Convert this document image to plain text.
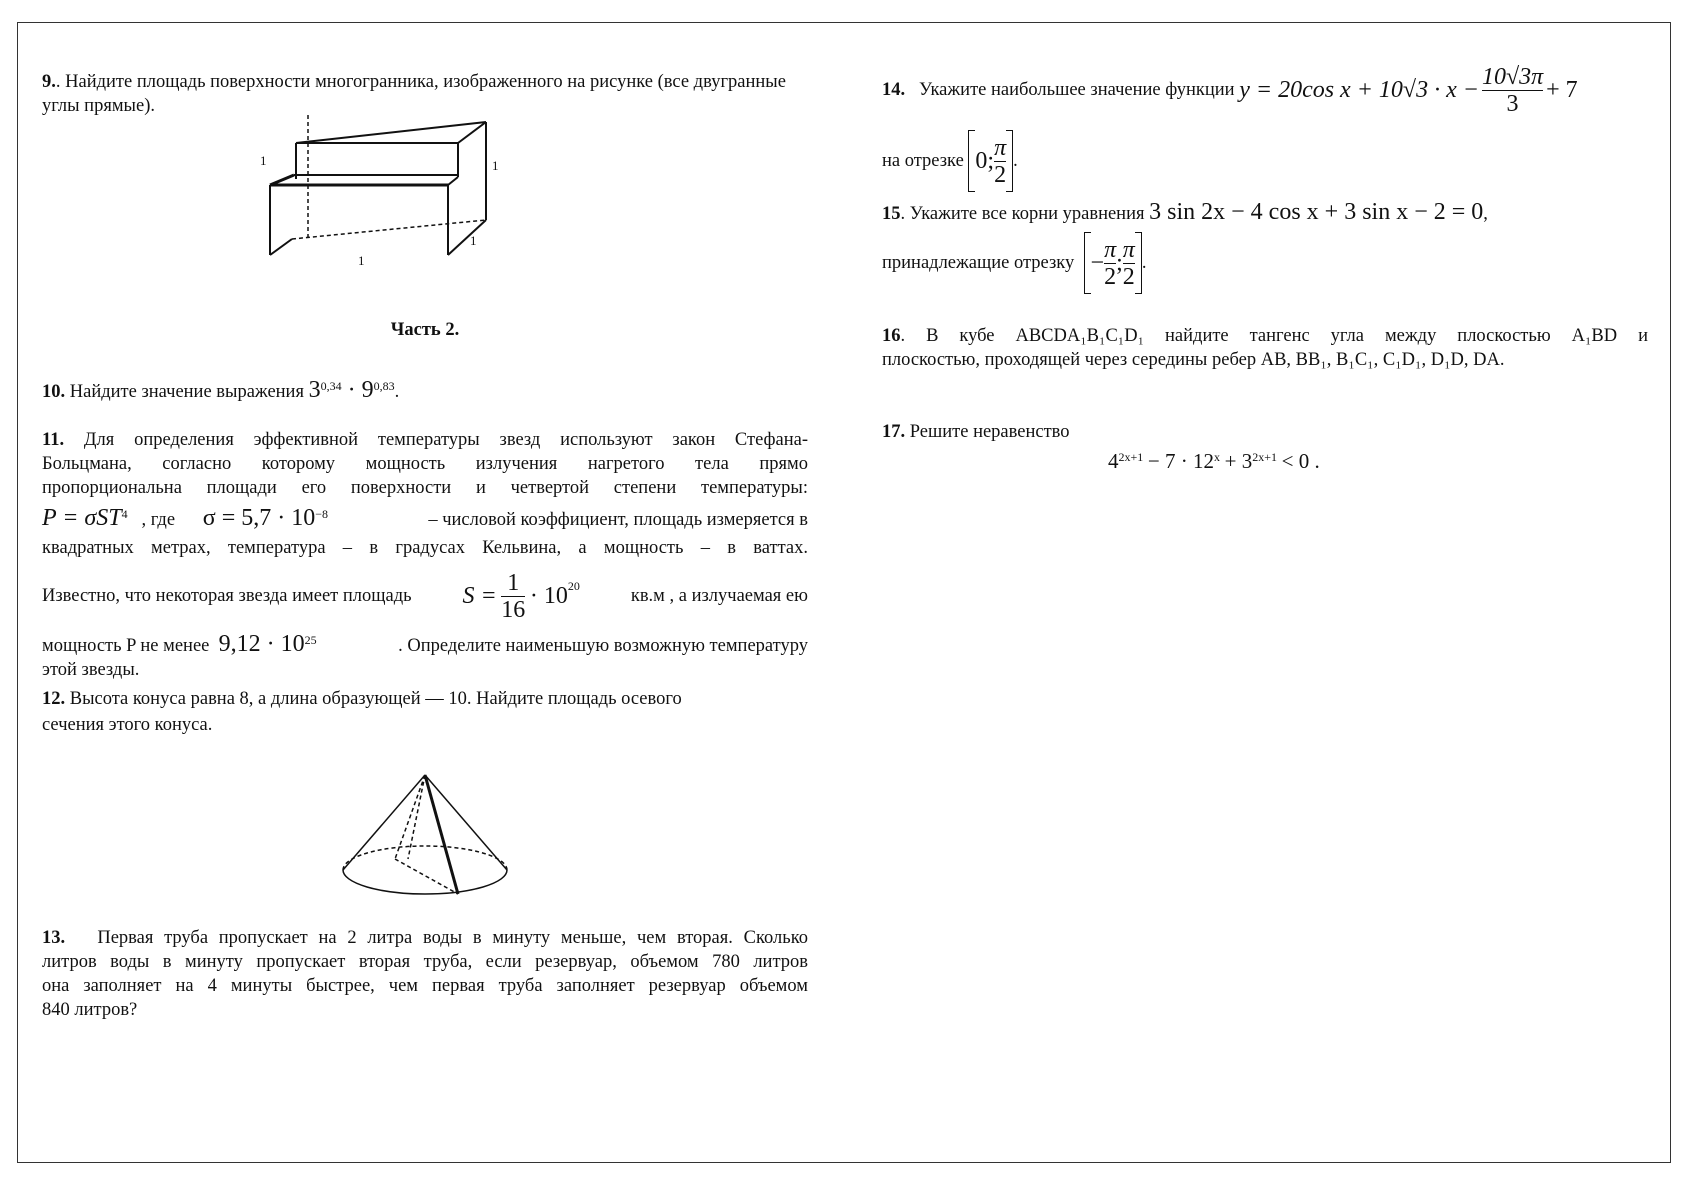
9.. Найдите площадь поверхности многогранника, изображенного на рисунке (все двугранные углы прямые).
1	1
1
1
Часть 2.
10. Найдите значение выражения $3^{0,34} \cdot 9^{0,83}$.
11. Для определения эффективной температуры звезд используют закон Стефана-
Больцмана, согласно которому мощность излучения нагретого тела прямо
пропорциональна площади его поверхности и четвертой степени температуры:
P = σST$^4$ , где $\sigma = 5,7 \cdot 10^{-8}$	– числовой коэффициент, площадь измеряется в
квадратных метрах, температура – в градусах Кельвина, а мощность – в ваттах.
Известно, что некоторая звезда имеет площадь S =
$\frac{1}{16}$
· $10^{20}$
кв.м , а излучаемая ею
мощность P не менее $9,12 \cdot 10^{25}$	. Определите наименьшую возможную температуру
этой звезды.
12. Высота конуса равна 8, а длина образующей — 10. Найдите площадь осевого
сечения этого конуса.
13. Первая труба пропускает на 2 литра воды в минуту меньше, чем вторая. Сколько
литров воды в минуту пропускает вторая труба, если резервуар, объемом 780 литров
она заполняет на 4 минуты быстрее, чем первая труба заполняет резервуар объемом
840 литров?
14.
Укажите наибольшее значение функции
y = 20cos $x + 10√3 \cdot x - \frac{10√3\pi}{3} + 7$
на отрезке
0; $\frac{\pi}{2}$ .
15. Укажите все корни уравнения 3 sin 2x − 4 cos x + 3 sin x − 2 = 0,
принадлежащие отрезку
− $\frac{\pi}{2}$ ; $\frac{\pi}{2}$ .
16. В кубе ABCDA₁B₁C₁D₁ найдите тангенс угла между плоскостью A₁BD и
плоскостью, проходящей через середины ребер AB, BB₁, B₁C₁, C₁D₁, D₁D, DA.
17. Решите неравенство
$4^{2x+1} - 7 \cdot 12^x + 3^{2x+1} < 0$ .
